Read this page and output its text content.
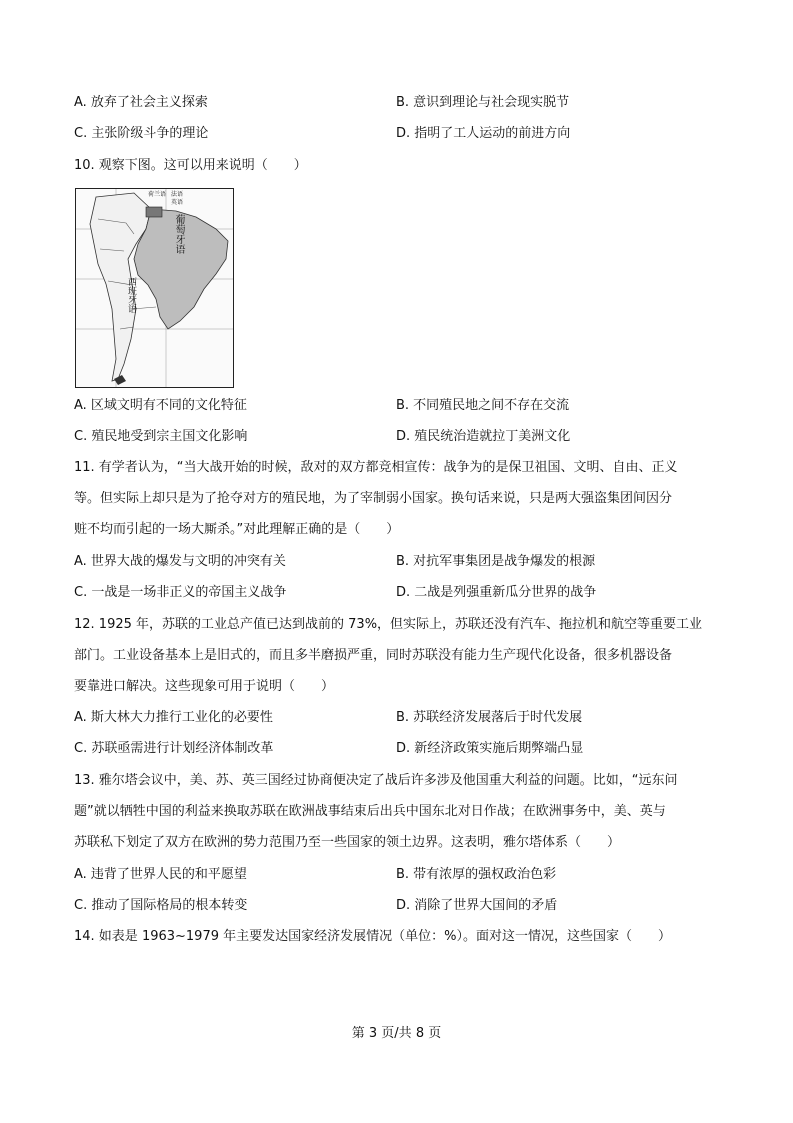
A. 放弃了社会主义探索	B. 意识到理论与社会现实脱节
C. 主张阶级斗争的理论	D. 指明了工人运动的前进方向
10. 观察下图。这可以用来说明（　　）
葡萄牙语
西班牙语
荷兰语 法语
英语
A. 区域文明有不同的文化特征	B. 不同殖民地之间不存在交流
C. 殖民地受到宗主国文化影响	D. 殖民统治造就拉丁美洲文化
11. 有学者认为，“当大战开始的时候，敌对的双方都竞相宣传：战争为的是保卫祖国、文明、自由、正义
等。但实际上却只是为了抢夺对方的殖民地，为了宰制弱小国家。换句话来说，只是两大强盗集团间因分
赃不均而引起的一场大厮杀。”对此理解正确的是（　　）
A. 世界大战的爆发与文明的冲突有关	B. 对抗军事集团是战争爆发的根源
C. 一战是一场非正义的帝国主义战争	D. 二战是列强重新瓜分世界的战争
12. 1925 年，苏联的工业总产值已达到战前的 73%，但实际上，苏联还没有汽车、拖拉机和航空等重要工业
部门。工业设备基本上是旧式的，而且多半磨损严重，同时苏联没有能力生产现代化设备，很多机器设备
要靠进口解决。这些现象可用于说明（　　）
A. 斯大林大力推行工业化的必要性	B. 苏联经济发展落后于时代发展
C. 苏联亟需进行计划经济体制改革	D. 新经济政策实施后期弊端凸显
13. 雅尔塔会议中，美、苏、英三国经过协商便决定了战后许多涉及他国重大利益的问题。比如，“远东问
题”就以牺牲中国的利益来换取苏联在欧洲战事结束后出兵中国东北对日作战；在欧洲事务中，美、英与
苏联私下划定了双方在欧洲的势力范围乃至一些国家的领土边界。这表明，雅尔塔体系（　　）
A. 违背了世界人民的和平愿望	B. 带有浓厚的强权政治色彩
C. 推动了国际格局的根本转变	D. 消除了世界大国间的矛盾
14. 如表是 1963~1979 年主要发达国家经济发展情况（单位：%）。面对这一情况，这些国家（　　）
第 3 页/共 8 页
